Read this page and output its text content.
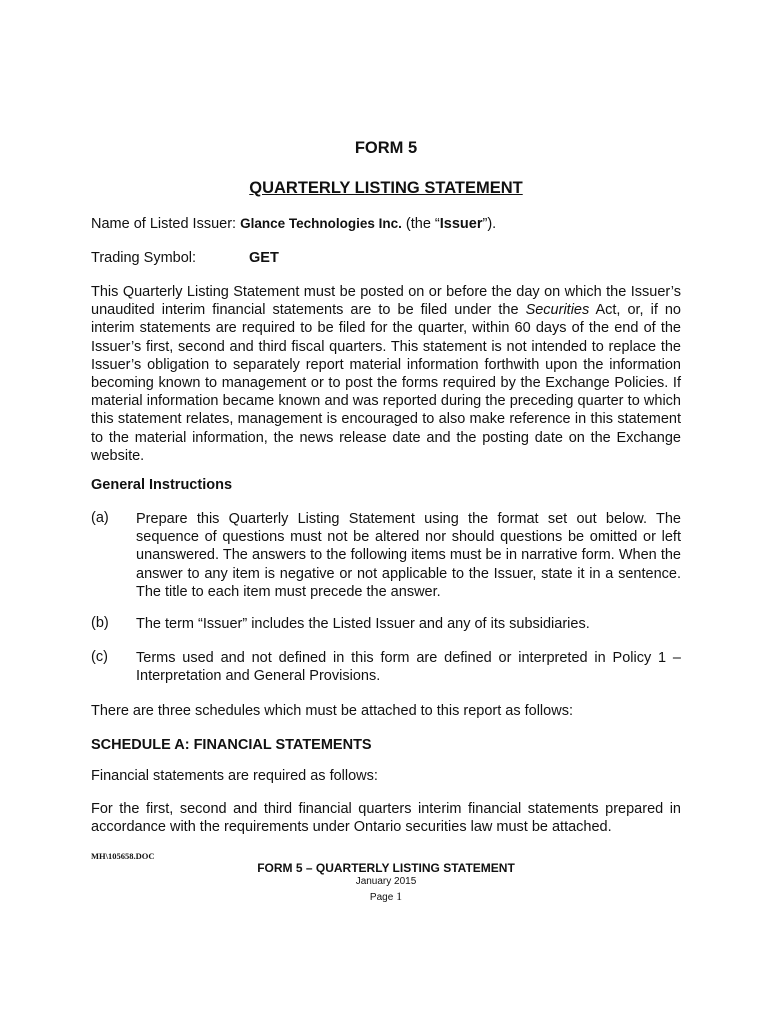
FORM 5
QUARTERLY LISTING STATEMENT
Name of Listed Issuer: Glance Technologies Inc. (the “Issuer”).
Trading Symbol:	GET
This Quarterly Listing Statement must be posted on or before the day on which the Issuer’s unaudited interim financial statements are to be filed under the Securities Act, or, if no interim statements are required to be filed for the quarter, within 60 days of the end of the Issuer’s first, second and third fiscal quarters. This statement is not intended to replace the Issuer’s obligation to separately report material information forthwith upon the information becoming known to management or to post the forms required by the Exchange Policies. If material information became known and was reported during the preceding quarter to which this statement relates, management is encouraged to also make reference in this statement to the material information, the news release date and the posting date on the Exchange website.
General Instructions
(a) Prepare this Quarterly Listing Statement using the format set out below. The sequence of questions must not be altered nor should questions be omitted or left unanswered. The answers to the following items must be in narrative form. When the answer to any item is negative or not applicable to the Issuer, state it in a sentence. The title to each item must precede the answer.
(b) The term “Issuer” includes the Listed Issuer and any of its subsidiaries.
(c) Terms used and not defined in this form are defined or interpreted in Policy 1 – Interpretation and General Provisions.
There are three schedules which must be attached to this report as follows:
SCHEDULE A: FINANCIAL STATEMENTS
Financial statements are required as follows:
For the first, second and third financial quarters interim financial statements prepared in accordance with the requirements under Ontario securities law must be attached.
MH\105658.DOC
FORM 5 – QUARTERLY LISTING STATEMENT
January 2015
Page 1
